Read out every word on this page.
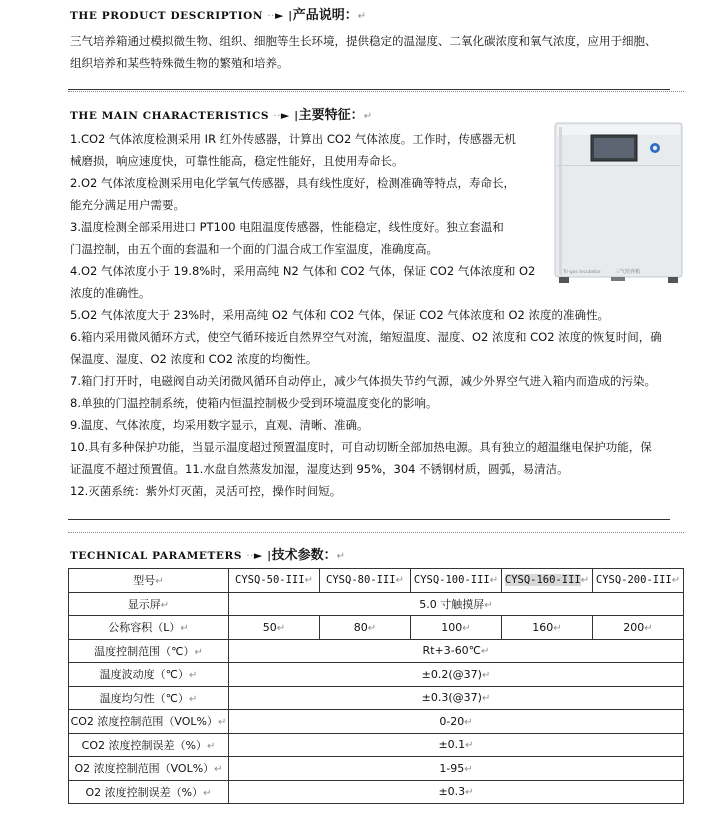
THE PRODUCT DESCRIPTION ··► |产品说明：↵
三气培养箱通过模拟微生物、组织、细胞等生长环境，提供稳定的温湿度、二氧化碳浓度和氧气浓度，应用于细胞、
组织培养和某些特殊微生物的繁殖和培养。
THE MAIN CHARACTERISTICS ··► |主要特征：↵
1.CO2 气体浓度检测采用 IR 红外传感器，计算出 CO2 气体浓度。工作时，传感器无机
械磨损，响应速度快，可靠性能高，稳定性能好，且使用寿命长。
2.O2 气体浓度检测采用电化学氧气传感器，具有线性度好，检测准确等特点，寿命长，
能充分满足用户需要。
3.温度检测全部采用进口 PT100 电阻温度传感器，性能稳定，线性度好。独立套温和
门温控制，由五个面的套温和一个面的门温合成工作室温度，准确度高。
4.O2 气体浓度小于 19.8%时，采用高纯 N2 气体和 CO2 气体，保证 CO2 气体浓度和 O2
浓度的准确性。
5.O2 气体浓度大于 23%时，采用高纯 O2 气体和 CO2 气体，保证 CO2 气体浓度和 O2 浓度的准确性。
6.箱内采用微风循环方式，使空气循环接近自然界空气对流，缩短温度、湿度、O2 浓度和 CO2 浓度的恢复时间，确
保温度、湿度、O2 浓度和 CO2 浓度的均衡性。
7.箱门打开时，电磁阀自动关闭微风循环自动停止，减少气体损失节约气源，减少外界空气进入箱内而造成的污染。
8.单独的门温控制系统，使箱内恒温控制极少受到环境温度变化的影响。
9.温度、气体浓度，均采用数字显示，直观、清晰、准确。
10.具有多种保护功能，当显示温度超过预置温度时，可自动切断全部加热电源。具有独立的超温继电保护功能，保
证温度不超过预置值。11.水盘自然蒸发加湿，湿度达到 95%，304 不锈钢材质，圆弧，易清洁。
12.灭菌系统：紫外灯灭菌，灵活可控，操作时间短。
Tri-gas Incubator	三气培养箱
TECHNICAL PARAMETERS ··► |技术参数：↵
型号↵	CYSQ-50-III↵	CYSQ-80-III↵	CYSQ-100-III↵	CYSQ-160-III↵	CYSQ-200-III↵
显示屏↵	5.0 寸触摸屏↵				
公称容积（L）↵	50↵	80↵	100↵	160↵	200↵
温度控制范围（℃）↵	Rt+3-60℃↵				
温度波动度（℃）↵	±0.2(@37)↵				
温度均匀性（℃）↵	±0.3(@37)↵				
CO2 浓度控制范围（VOL%）↵	0-20↵				
CO2 浓度控制误差（%）↵	±0.1↵				
O2 浓度控制范围（VOL%）↵	1-95↵				
O2 浓度控制误差（%）↵	±0.3↵				
